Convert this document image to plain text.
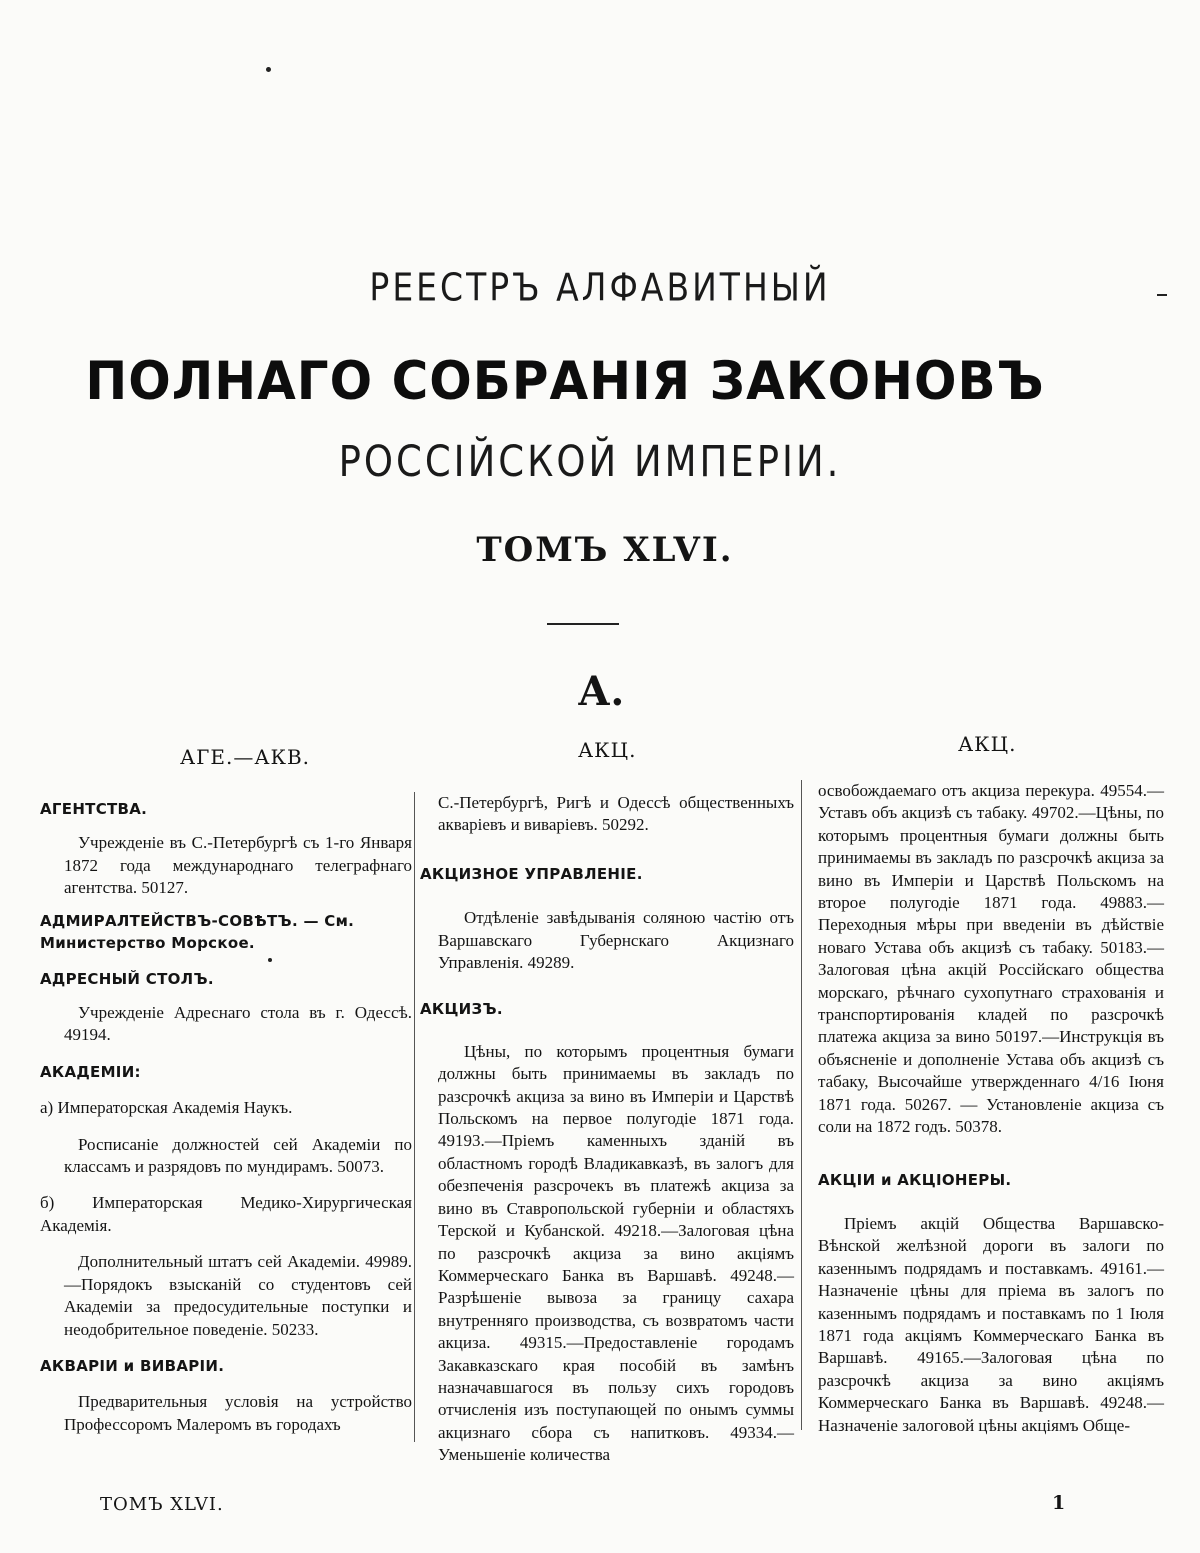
РЕЕСТРЪ АЛФАВИТНЫЙ
ПОЛНАГО СОБРАНІЯ ЗАКОНОВЪ
РОССІЙСКОЙ ИМПЕРІИ.
ТОМЪ XLVI.
А.
АГЕ.—АКВ.	АКЦ.	АКЦ.

АГЕНТСТВА.

Учрежденіе въ С.-Петербургѣ съ 1-го Января 1872 года международнаго телеграфнаго агентства. 50127.

АДМИРАЛТЕЙСТВЪ-СОВѢТЪ. — См. Министерство Морское.

АДРЕСНЫЙ СТОЛЪ.

Учрежденіе Адреснаго стола въ г. Одессѣ. 49194.

АКАДЕМІИ:

а) Императорская Академія Наукъ.

Росписаніе должностей сей Академіи по классамъ и разрядовъ по мундирамъ. 50073.

б) Императорская Медико-Хирургическая Академія.

Дополнительный штатъ сей Академіи. 49989.—Порядокъ взысканій со студентовъ сей Академіи за предосудительные поступки и неодобрительное поведеніе. 50233.

АКВАРІИ и ВИВАРІИ.

Предварительныя условія на устройство Профессоромъ Малеромъ въ городахъ

С.-Петербургѣ, Ригѣ и Одессѣ общественныхъ акваріевъ и виваріевъ. 50292.

АКЦИЗНОЕ УПРАВЛЕНІЕ.

Отдѣленіе завѣдыванія соляною частію отъ Варшавскаго Губернскаго Акцизнаго Управленія. 49289.

АКЦИЗЪ.

Цѣны, по которымъ процентныя бумаги должны быть принимаемы въ закладъ по разсрочкѣ акциза за вино въ Имперіи и Царствѣ Польскомъ на первое полугодіе 1871 года. 49193.—Пріемъ каменныхъ зданій въ областномъ городѣ Владикавказѣ, въ залогъ для обезпеченія разсрочекъ въ платежѣ акциза за вино въ Ставропольской губерніи и областяхъ Терской и Кубанской. 49218.—Залоговая цѣна по разсрочкѣ акциза за вино акціямъ Коммерческаго Банка въ Варшавѣ. 49248.—Разрѣшеніе вывоза за границу сахара внутренняго производства, съ возвратомъ части акциза. 49315.—Предоставленіе городамъ Закавказскаго края пособій въ замѣнъ назначавшагося въ пользу сихъ городовъ отчисленія изъ поступающей по онымъ суммы акцизнаго сбора съ напитковъ. 49334.—Уменьшеніе количества

освобождаемаго отъ акциза перекура. 49554.—Уставъ объ акцизѣ съ табаку. 49702.—Цѣны, по которымъ процентныя бумаги должны быть принимаемы въ закладъ по разсрочкѣ акциза за вино въ Имперіи и Царствѣ Польскомъ на второе полугодіе 1871 года. 49883.—Переходныя мѣры при введеніи въ дѣйствіе новаго Устава объ акцизѣ съ табаку. 50183.—Залоговая цѣна акцій Россійскаго общества морскаго, рѣчнаго сухопутнаго страхованія и транспортированія кладей по разсрочкѣ платежа акциза за вино 50197.—Инструкція въ объясненіе и дополненіе Устава объ акцизѣ съ табаку, Высочайше утвержденнаго 4/16 Іюня 1871 года. 50267. — Установленіе акциза съ соли на 1872 годъ. 50378.

АКЦІИ и АКЦІОНЕРЫ.

Пріемъ акцій Общества Варшавско-Вѣнской желѣзной дороги въ залоги по казеннымъ подрядамъ и поставкамъ. 49161.—Назначеніе цѣны для пріема въ залогъ по казеннымъ подрядамъ и поставкамъ по 1 Іюля 1871 года акціямъ Коммерческаго Банка въ Варшавѣ. 49165.—Залоговая цѣна по разсрочкѣ акциза за вино акціямъ Коммерческаго Банка въ Варшавѣ. 49248.—Назначеніе залоговой цѣны акціямъ Обще-

ТОМЪ XLVI.	1
